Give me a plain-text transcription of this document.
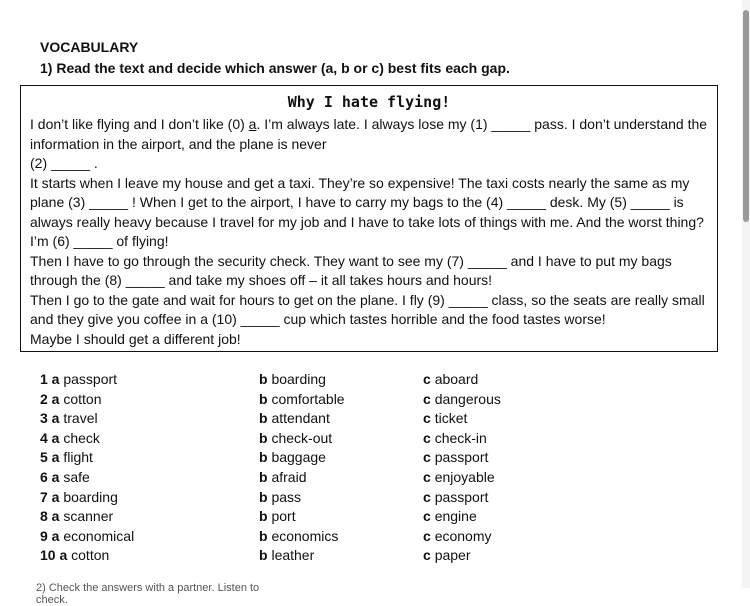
VOCABULARY
1) Read the text and decide which answer (a, b or c) best fits each gap.
Why I hate flying!
I don’t like flying and I don’t like (0) a. I’m always late. I always lose my (1) _____ pass. I don’t understand the
information in the airport, and the plane is never
(2) _____ .
It starts when I leave my house and get a taxi. They’re so expensive! The taxi costs nearly the same as my
plane (3) _____ ! When I get to the airport, I have to carry my bags to the (4) _____ desk. My (5) _____ is
always really heavy because I travel for my job and I have to take lots of things with me. And the worst thing?
I’m (6) _____ of flying!
Then I have to go through the security check. They want to see my (7) _____ and I have to put my bags
through the (8) _____ and take my shoes off – it all takes hours and hours!
Then I go to the gate and wait for hours to get on the plane. I fly (9) _____ class, so the seats are really small
and they give you coffee in a (10) _____ cup which tastes horrible and the food tastes worse!
Maybe I should get a different job!
1 a passport	b boarding	c aboard
2 a cotton	b comfortable	c dangerous
3 a travel	b attendant	c ticket
4 a check	b check-out	c check-in
5 a flight	b baggage	c passport
6 a safe	b afraid	c enjoyable
7 a boarding	b pass	c passport
8 a scanner	b port	c engine
9 a economical	b economics	c economy
10 a cotton	b leather	c paper
2) Check the answers with a partner. Listen to check.
